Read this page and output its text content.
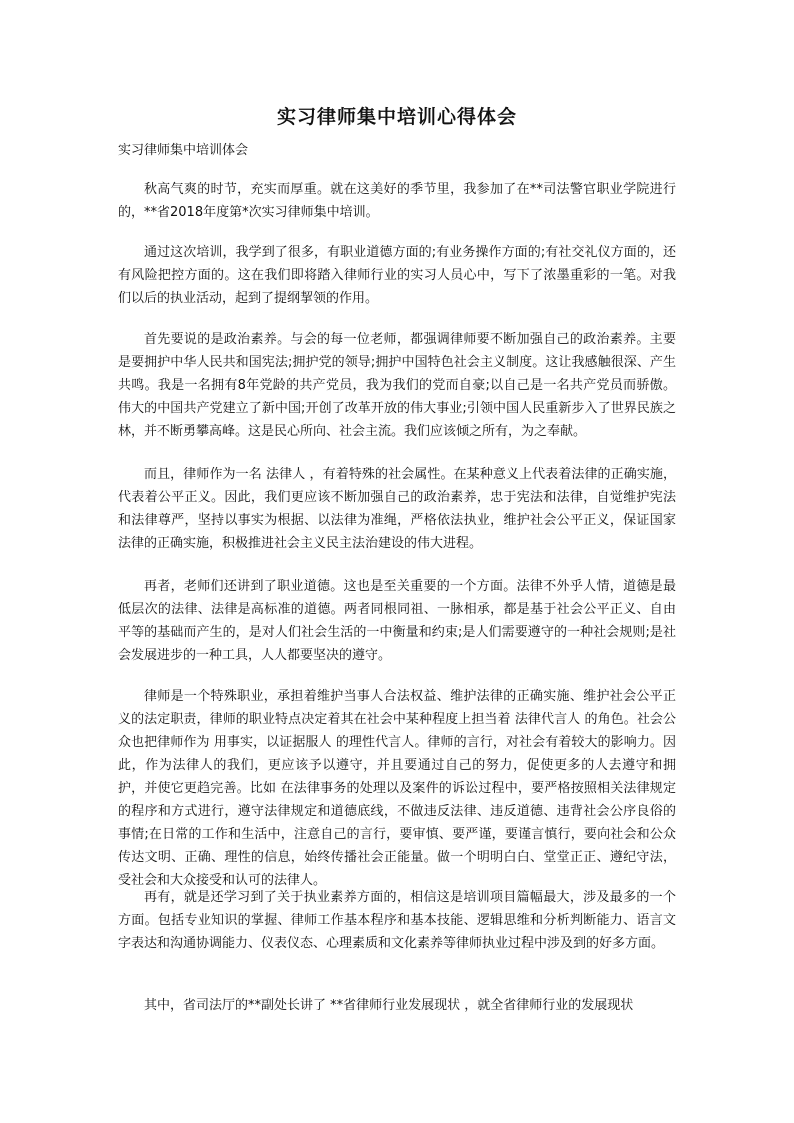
实习律师集中培训心得体会
实习律师集中培训体会

秋高气爽的时节，充实而厚重。就在这美好的季节里，我参加了在**司法警官职业学院进行的，**省2018年度第*次实习律师集中培训。

通过这次培训，我学到了很多，有职业道德方面的;有业务操作方面的;有社交礼仪方面的，还有风险把控方面的。这在我们即将踏入律师行业的实习人员心中，写下了浓墨重彩的一笔。对我们以后的执业活动，起到了提纲挈领的作用。

首先要说的是政治素养。与会的每一位老师，都强调律师要不断加强自己的政治素养。主要是要拥护中华人民共和国宪法;拥护党的领导;拥护中国特色社会主义制度。这让我感触很深、产生共鸣。我是一名拥有8年党龄的共产党员，我为我们的党而自豪;以自己是一名共产党员而骄傲。伟大的中国共产党建立了新中国;开创了改革开放的伟大事业;引领中国人民重新步入了世界民族之林，并不断勇攀高峰。这是民心所向、社会主流。我们应该倾之所有，为之奉献。

而且，律师作为一名 法律人 ，有着特殊的社会属性。在某种意义上代表着法律的正确实施，代表着公平正义。因此，我们更应该不断加强自己的政治素养，忠于宪法和法律，自觉维护宪法和法律尊严，坚持以事实为根据、以法律为准绳，严格依法执业，维护社会公平正义，保证国家法律的正确实施，积极推进社会主义民主法治建设的伟大进程。

再者，老师们还讲到了职业道德。这也是至关重要的一个方面。法律不外乎人情，道德是最低层次的法律、法律是高标准的道德。两者同根同祖、一脉相承，都是基于社会公平正义、自由平等的基础而产生的，是对人们社会生活的一中衡量和约束;是人们需要遵守的一种社会规则;是社会发展进步的一种工具，人人都要坚决的遵守。

律师是一个特殊职业，承担着维护当事人合法权益、维护法律的正确实施、维护社会公平正义的法定职责，律师的职业特点决定着其在社会中某种程度上担当着 法律代言人 的角色。社会公众也把律师作为 用事实，以证据服人 的理性代言人。律师的言行，对社会有着较大的影响力。因此，作为法律人的我们，更应该予以遵守，并且要通过自己的努力，促使更多的人去遵守和拥护，并使它更趋完善。比如 在法律事务的处理以及案件的诉讼过程中，要严格按照相关法律规定的程序和方式进行，遵守法律规定和道德底线，不做违反法律、违反道德、违背社会公序良俗的事情;在日常的工作和生活中，注意自己的言行，要审慎、要严谨，要谨言慎行，要向社会和公众传达文明、正确、理性的信息，始终传播社会正能量。做一个明明白白、堂堂正正、遵纪守法，受社会和大众接受和认可的法律人。

再有，就是还学习到了关于执业素养方面的，相信这是培训项目篇幅最大，涉及最多的一个方面。包括专业知识的掌握、律师工作基本程序和基本技能、逻辑思维和分析判断能力、语言文字表达和沟通协调能力、仪表仪态、心理素质和文化素养等律师执业过程中涉及到的好多方面。

其中，省司法厅的**副处长讲了 **省律师行业发展现状 ，就全省律师行业的发展现状
